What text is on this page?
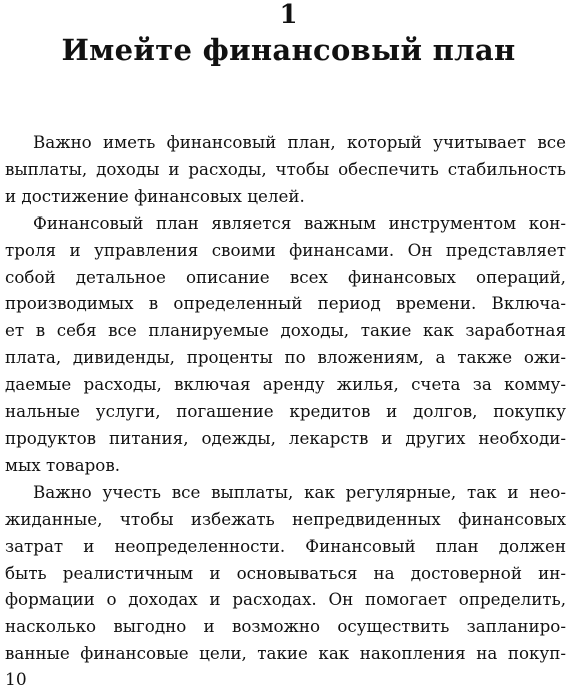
1
Имейте финансовый план
Важно иметь финансовый план, который учитывает все
выплаты, доходы и расходы, чтобы обеспечить стабильность
и достижение финансовых целей.
Финансовый план является важным инструментом кон-
троля и управления своими финансами. Он представляет
собой детальное описание всех финансовых операций,
производимых в определенный период времени. Включа-
ет в себя все планируемые доходы, такие как заработная
плата, дивиденды, проценты по вложениям, а также ожи-
даемые расходы, включая аренду жилья, счета за комму-
нальные услуги, погашение кредитов и долгов, покупку
продуктов питания, одежды, лекарств и других необходи-
мых товаров.
Важно учесть все выплаты, как регулярные, так и нео-
жиданные, чтобы избежать непредвиденных финансовых
затрат и неопределенности. Финансовый план должен
быть реалистичным и основываться на достоверной ин-
формации о доходах и расходах. Он помогает определить,
насколько выгодно и возможно осуществить запланиро-
ванные финансовые цели, такие как накопления на покуп-
10
